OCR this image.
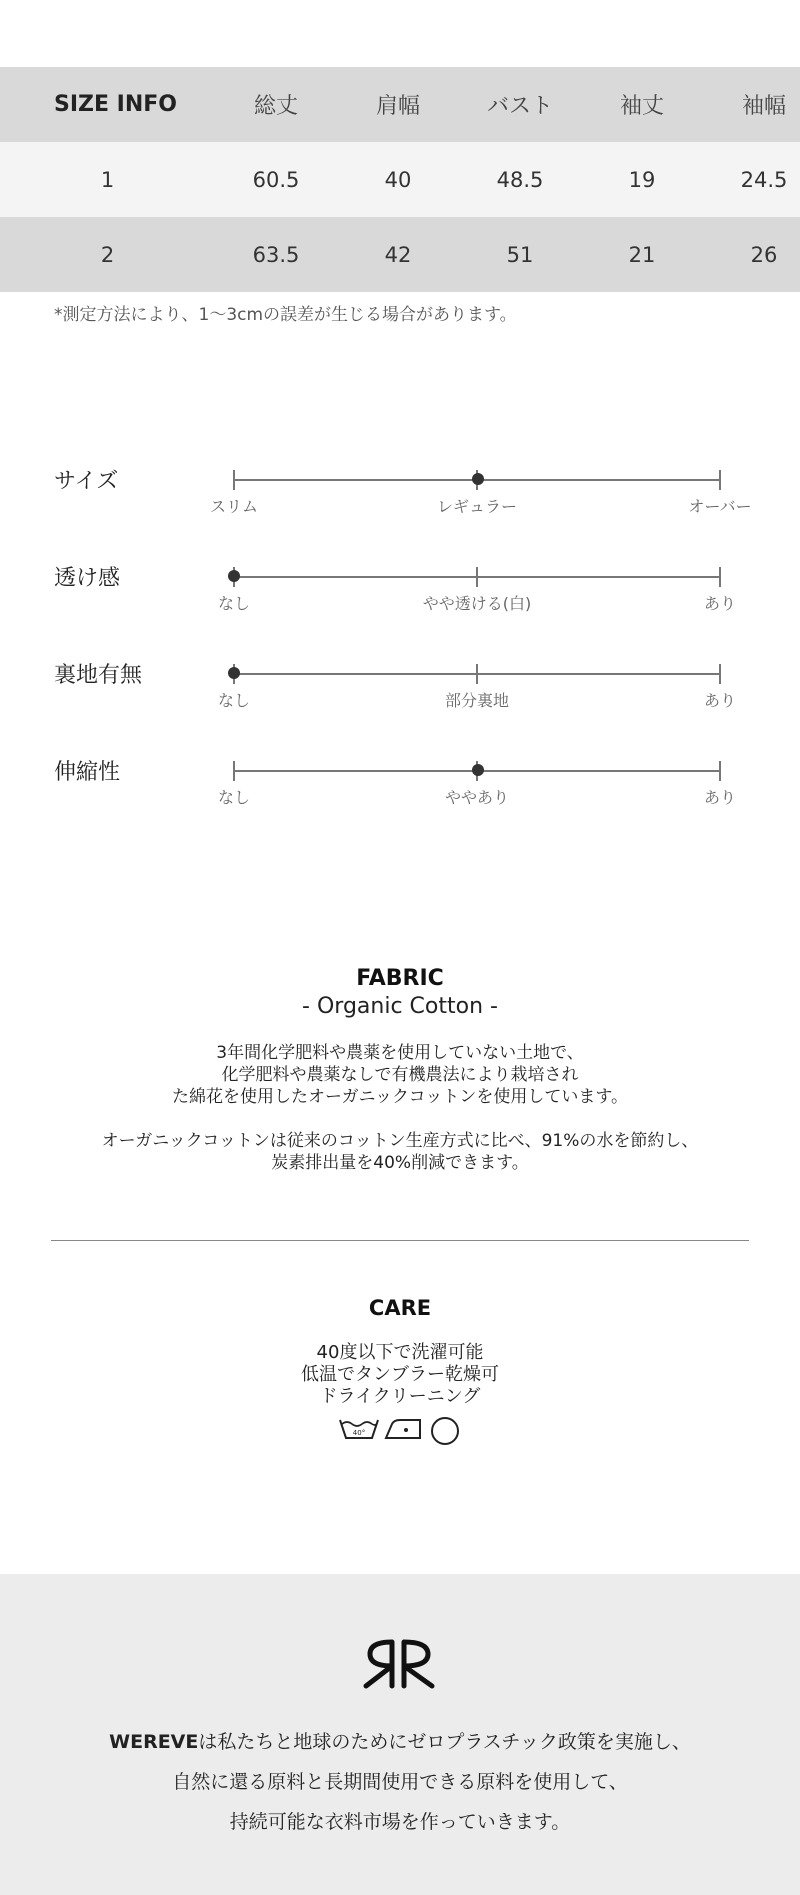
SIZE INFO	総丈	肩幅	バスト	袖丈	袖幅
1	60.5	40	48.5	19	24.5
2	63.5	42	51	21	26
*測定方法により、1〜3cmの誤差が生じる場合があります。
サイズ
スリム	レギュラー	オーバー
透け感
なし	やや透ける(白)	あり
裏地有無
なし	部分裏地	あり
伸縮性
なし	ややあり	あり
FABRIC
- Organic Cotton -
3年間化学肥料や農薬を使用していない土地で、
化学肥料や農薬なしで有機農法により栽培され
た綿花を使用したオーガニックコットンを使用しています。
オーガニックコットンは従来のコットン生産方式に比べ、91%の水を節約し、
炭素排出量を40%削減できます。
CARE
40度以下で洗濯可能
低温でタンブラー乾燥可
ドライクリーニング
40°
WEREVEは私たちと地球のためにゼロプラスチック政策を実施し、
自然に還る原料と長期間使用できる原料を使用して、
持続可能な衣料市場を作っていきます。
